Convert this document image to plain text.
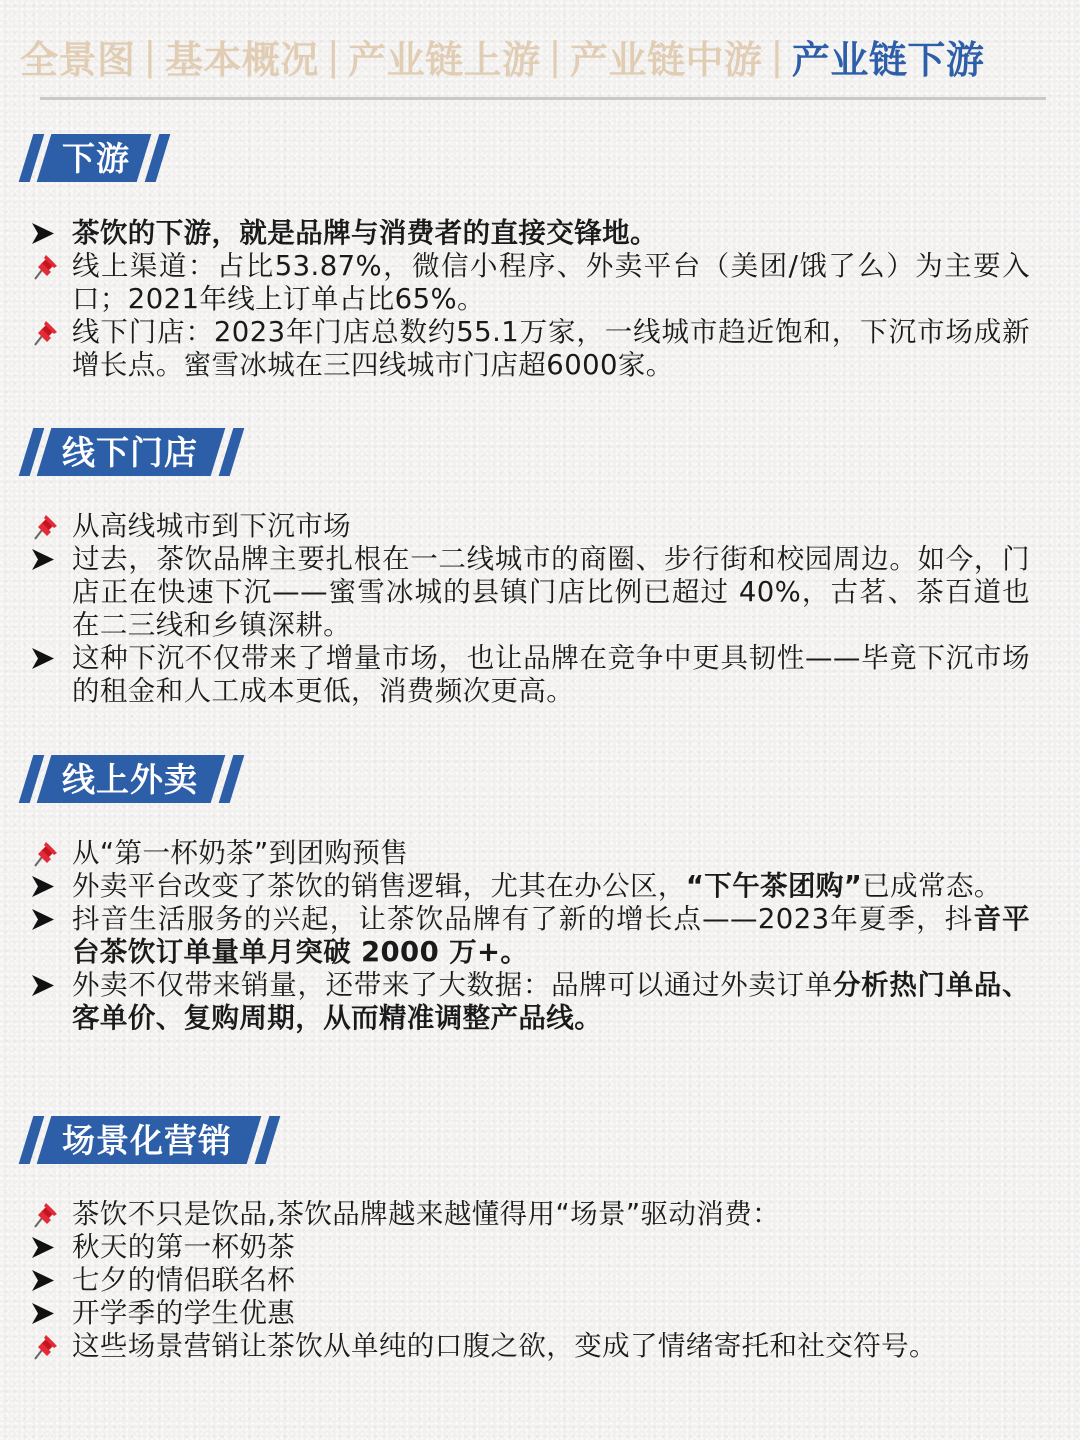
全景图 | 基本概况 | 产业链上游 | 产业链中游 | 产业链下游
下游
茶饮的下游，就是品牌与消费者的直接交锋地。
线上渠道：占比53.87%，微信小程序、外卖平台（美团/饿了么）为主要入口；2021年线上订单占比65%。
线下门店：2023年门店总数约55.1万家，一线城市趋近饱和，下沉市场成新增长点。蜜雪冰城在三四线城市门店超6000家。
线下门店
从高线城市到下沉市场
过去，茶饮品牌主要扎根在一二线城市的商圈、步行街和校园周边。如今，门店正在快速下沉——蜜雪冰城的县镇门店比例已超过 40%，古茗、茶百道也在二三线和乡镇深耕。
这种下沉不仅带来了增量市场，也让品牌在竞争中更具韧性——毕竟下沉市场的租金和人工成本更低，消费频次更高。
线上外卖
从“第一杯奶茶”到团购预售
外卖平台改变了茶饮的销售逻辑，尤其在办公区，“下午茶团购”已成常态。
抖音生活服务的兴起，让茶饮品牌有了新的增长点——2023年夏季，抖音平台茶饮订单量单月突破 2000 万+。
外卖不仅带来销量，还带来了大数据：品牌可以通过外卖订单分析热门单品、客单价、复购周期，从而精准调整产品线。
场景化营销
茶饮不只是饮品,茶饮品牌越来越懂得用“场景”驱动消费：
秋天的第一杯奶茶
七夕的情侣联名杯
开学季的学生优惠
这些场景营销让茶饮从单纯的口腹之欲，变成了情绪寄托和社交符号。
